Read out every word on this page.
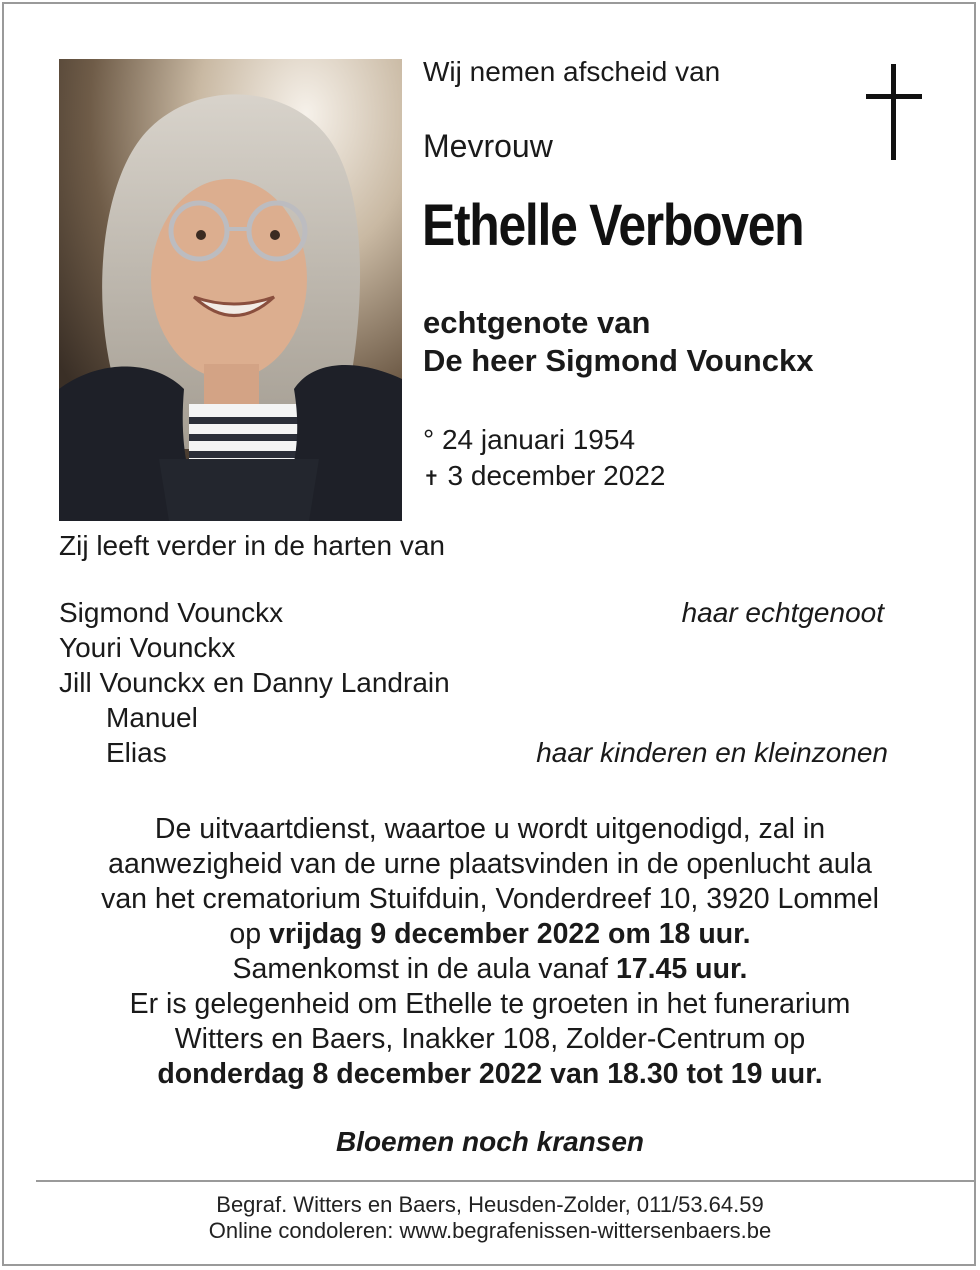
Wij nemen afscheid van
Mevrouw
Ethelle Verboven
echtgenote van
De heer Sigmond Vounckx
° 24 januari 1954
✝ 3 december 2022
Zij leeft verder in de harten van
Sigmond Vounckx	haar echtgenoot
Youri Vounckx
Jill Vounckx en Danny Landrain
Manuel
Elias	haar kinderen en kleinzonen
De uitvaartdienst, waartoe u wordt uitgenodigd, zal in
aanwezigheid van de urne plaatsvinden in de openlucht aula
van het crematorium Stuifduin, Vonderdreef 10, 3920 Lommel
op vrijdag 9 december 2022 om 18 uur.
Samenkomst in de aula vanaf 17.45 uur.
Er is gelegenheid om Ethelle te groeten in het funerarium
Witters en Baers, Inakker 108, Zolder-Centrum op
donderdag 8 december 2022 van 18.30 tot 19 uur.
Bloemen noch kransen
Begraf. Witters en Baers, Heusden-Zolder, 011/53.64.59
Online condoleren: www.begrafenissen-wittersenbaers.be
